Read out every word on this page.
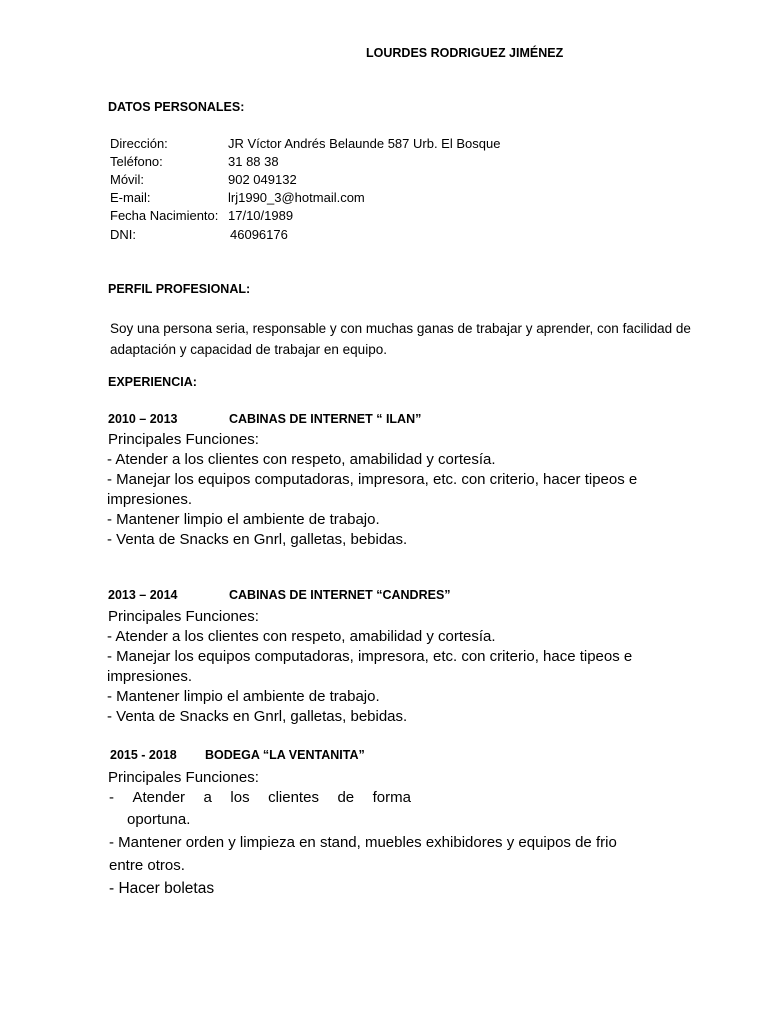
LOURDES RODRIGUEZ JIMÉNEZ
DATOS PERSONALES:
Dirección:	JR Víctor Andrés Belaunde 587 Urb. El Bosque
Teléfono:	31 88 38
Móvil:	902 049132
E-mail:	lrj1990_3@hotmail.com
Fecha Nacimiento: 17/10/1989
DNI:	46096176
PERFIL PROFESIONAL:
Soy una persona seria, responsable y con muchas ganas de trabajar y aprender, con facilidad de adaptación y capacidad de trabajar en equipo.
EXPERIENCIA:
2010 – 2013	CABINAS DE INTERNET “ ILAN”
Principales Funciones:
- Atender a los clientes con respeto, amabilidad y cortesía.
- Manejar los equipos computadoras, impresora, etc. con criterio, hacer tipeos e
impresiones.
- Mantener limpio el ambiente de trabajo.
- Venta de Snacks en Gnrl, galletas, bebidas.
2013 – 2014	CABINAS DE INTERNET “CANDRES”
Principales Funciones:
- Atender a los clientes con respeto, amabilidad y cortesía.
- Manejar los equipos computadoras, impresora, etc. con criterio, hace tipeos e
impresiones.
- Mantener limpio el ambiente de trabajo.
- Venta de Snacks en Gnrl, galletas, bebidas.
2015 - 2018 BODEGA “LA VENTANITA”
Principales Funciones:
- Atender a los clientes de forma
oportuna.
- Mantener orden y limpieza en stand, muebles exhibidores y equipos de frio
entre otros.
- Hacer boletas
